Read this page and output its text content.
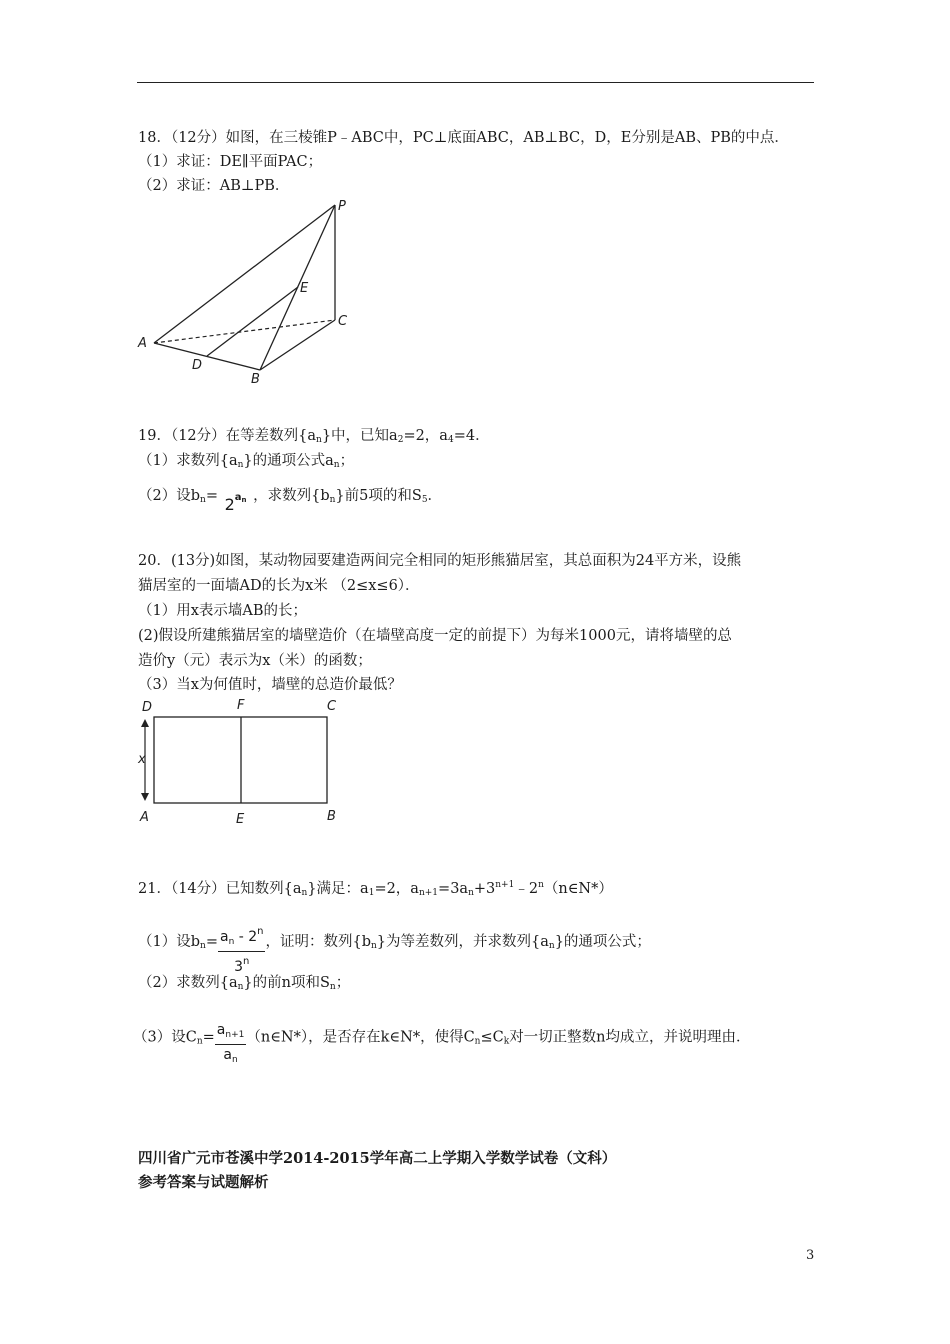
18．（12分）如图，在三棱锥P﹣ABC中，PC⊥底面ABC，AB⊥BC，D，E分别是AB、PB的中点．
（1）求证：DE∥平面PAC；
（2）求证：AB⊥PB．
P
E
C
A
D
B
19．（12分）在等差数列$\{a_n\}$中，已知$a_2=2$，$a_4=4$．
（1）求数列$\{a_n\}$的通项公式$a_n$；
（2）设$b_n= 2^{a_n}$ ，求数列$\{b_n\}$前5项的和$S_5$．
20．(13分)如图，某动物园要建造两间完全相同的矩形熊猫居室，其总面积为24平方米，设熊
猫居室的一面墙AD的长为x米 （2≤x≤6）．
（1）用x表示墙AB的长；
(2)假设所建熊猫居室的墙壁造价（在墙壁高度一定的前提下）为每米1000元，请将墙壁的总
造价y（元）表示为x（米）的函数；
（3）当x为何值时，墙壁的总造价最低？
D	F	C
x
A	E	B
21．（14分）已知数列$\{a_n\}$满足：$a_1=2$，$a_{n+1}=3a_n+3^{n+1}﹣2^n(n\in N*)$
（1）设$b_n= \frac{a_n - 2^n}{3^n}$ ，证明：数列$\{b_n\}$为等差数列，并求数列$\{a_n\}$的通项公式；
（2）求数列$\{a_n\}$的前n项和$S_n$；
（3）设$C_n= \frac{a_{n+1}}{a_n}$ （n∈N*），是否存在k∈N*，使得$C_n\le C_k$对一切正整数n均成立，并说明理由．
四川省广元市苍溪中学2014-2015学年高二上学期入学数学试卷（文科）
参考答案与试题解析
3
